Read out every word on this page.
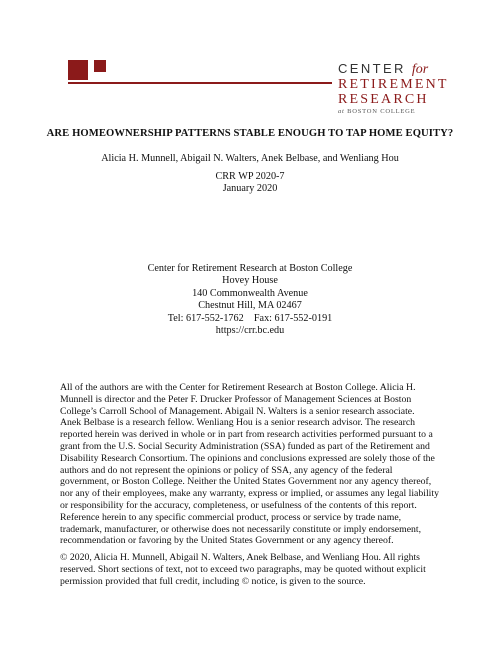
CENTER for
RETIREMENT
RESEARCH
at BOSTON COLLEGE
ARE HOMEOWNERSHIP PATTERNS STABLE ENOUGH TO TAP HOME EQUITY?
Alicia H. Munnell, Abigail N. Walters, Anek Belbase, and Wenliang Hou
CRR WP 2020-7
January 2020
Center for Retirement Research at Boston College
Hovey House
140 Commonwealth Avenue
Chestnut Hill, MA 02467
Tel: 617-552-1762    Fax: 617-552-0191
https://crr.bc.edu
All of the authors are with the Center for Retirement Research at Boston College. Alicia H.
Munnell is director and the Peter F. Drucker Professor of Management Sciences at Boston
College’s Carroll School of Management. Abigail N. Walters is a senior research associate.
Anek Belbase is a research fellow. Wenliang Hou is a senior research advisor. The research
reported herein was derived in whole or in part from research activities performed pursuant to a
grant from the U.S. Social Security Administration (SSA) funded as part of the Retirement and
Disability Research Consortium. The opinions and conclusions expressed are solely those of the
authors and do not represent the opinions or policy of SSA, any agency of the federal
government, or Boston College. Neither the United States Government nor any agency thereof,
nor any of their employees, make any warranty, express or implied, or assumes any legal liability
or responsibility for the accuracy, completeness, or usefulness of the contents of this report.
Reference herein to any specific commercial product, process or service by trade name,
trademark, manufacturer, or otherwise does not necessarily constitute or imply endorsement,
recommendation or favoring by the United States Government or any agency thereof.
© 2020, Alicia H. Munnell, Abigail N. Walters, Anek Belbase, and Wenliang Hou. All rights
reserved. Short sections of text, not to exceed two paragraphs, may be quoted without explicit
permission provided that full credit, including © notice, is given to the source.
